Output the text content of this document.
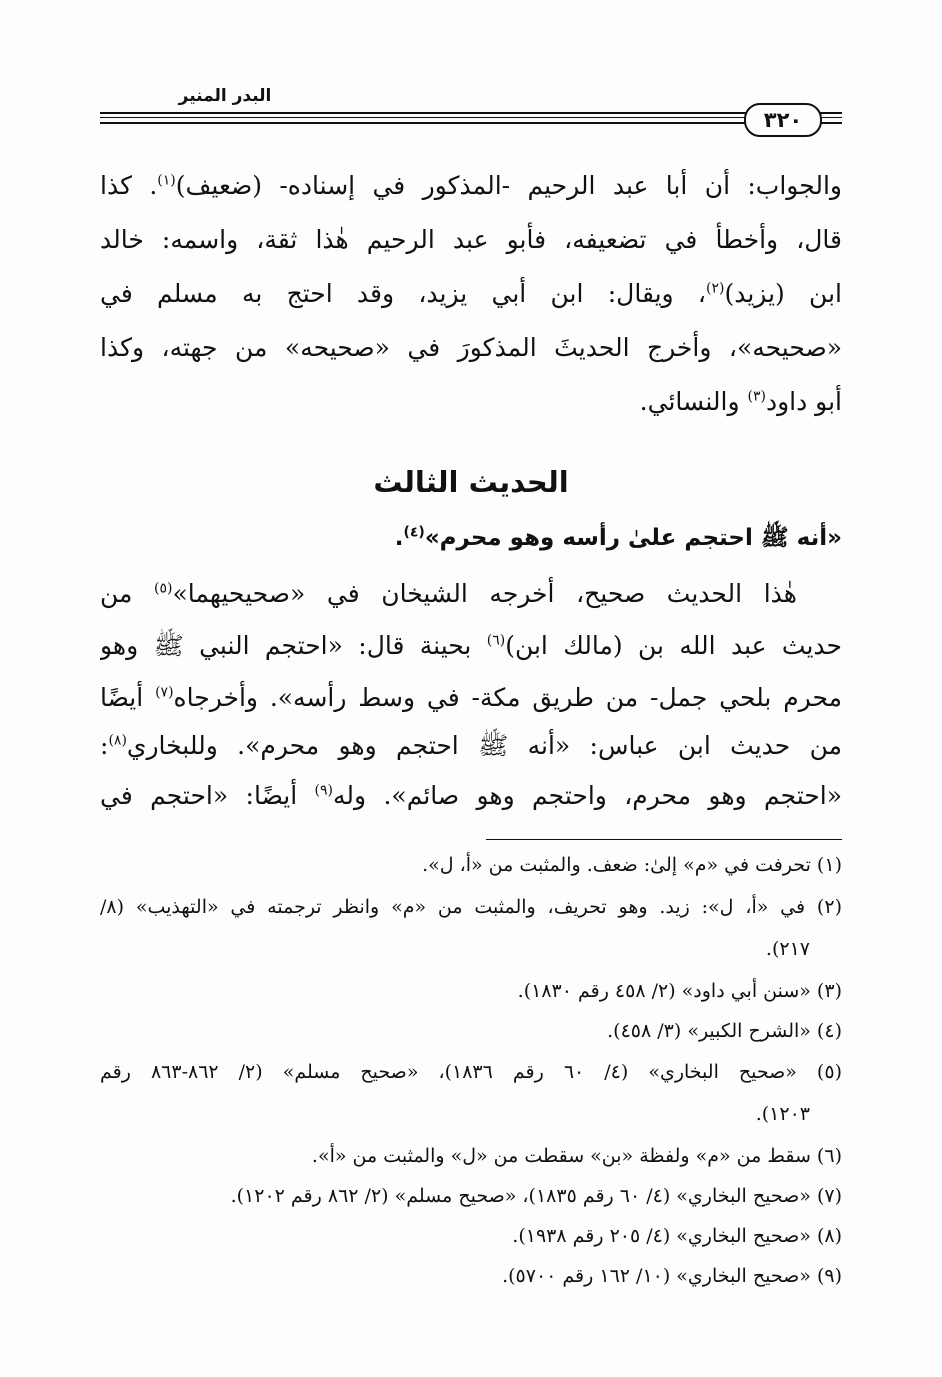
البدر المنير
٣٢٠
والجواب: أن أبا عبد الرحيم -المذكور في إسناده- (ضعيف)$^{(١)}$. كذا
قال، وأخطأ في تضعيفه، فأبو عبد الرحيم هٰذا ثقة، واسمه: خالد
ابن (يزيد)$^{(٢)}$، ويقال: ابن أبي يزيد، وقد احتج به مسلم في
«صحيحه»، وأخرج الحديثَ المذكورَ في «صحيحه» من جهته، وكذا
أبو داود$^{(٣)}$ والنسائي.
الحديث الثالث
«أنه ﷺ احتجم علىٰ رأسه وهو محرم»$^{(٤)}$.
هٰذا الحديث صحيح، أخرجه الشيخان في «صحيحيهما»$^{(٥)}$ من
حديث عبد الله بن (مالك ابن)$^{(٦)}$ بحينة قال: «احتجم النبي ﷺ وهو
محرم بلحي جمل- من طريق مكة- في وسط رأسه». وأخرجاه$^{(٧)}$ أيضًا
من حديث ابن عباس: «أنه ﷺ احتجم وهو محرم». وللبخاري$^{(٨)}$:
«احتجم وهو محرم، واحتجم وهو صائم». وله$^{(٩)}$ أيضًا: «احتجم في
(١) تحرفت في «م» إلىٰ: ضعف. والمثبت من «أ، ل».
(٢) في «أ، ل»: زيد. وهو تحريف، والمثبت من «م» وانظر ترجمته في «التهذيب» (٨/
٢١٧).
(٣) «سنن أبي داود» (٢/ ٤٥٨ رقم ١٨٣٠).
(٤) «الشرح الكبير» (٣/ ٤٥٨).
(٥) «صحيح البخاري» (٤/ ٦٠ رقم ١٨٣٦)، «صحيح مسلم» (٢/ ٨٦٢-٨٦٣ رقم
١٢٠٣).
(٦) سقط من «م» ولفظة «بن» سقطت من «ل» والمثبت من «أ».
(٧) «صحيح البخاري» (٤/ ٦٠ رقم ١٨٣٥)، «صحيح مسلم» (٢/ ٨٦٢ رقم ١٢٠٢).
(٨) «صحيح البخاري» (٤/ ٢٠٥ رقم ١٩٣٨).
(٩) «صحيح البخاري» (١٠/ ١٦٢ رقم ٥٧٠٠).
